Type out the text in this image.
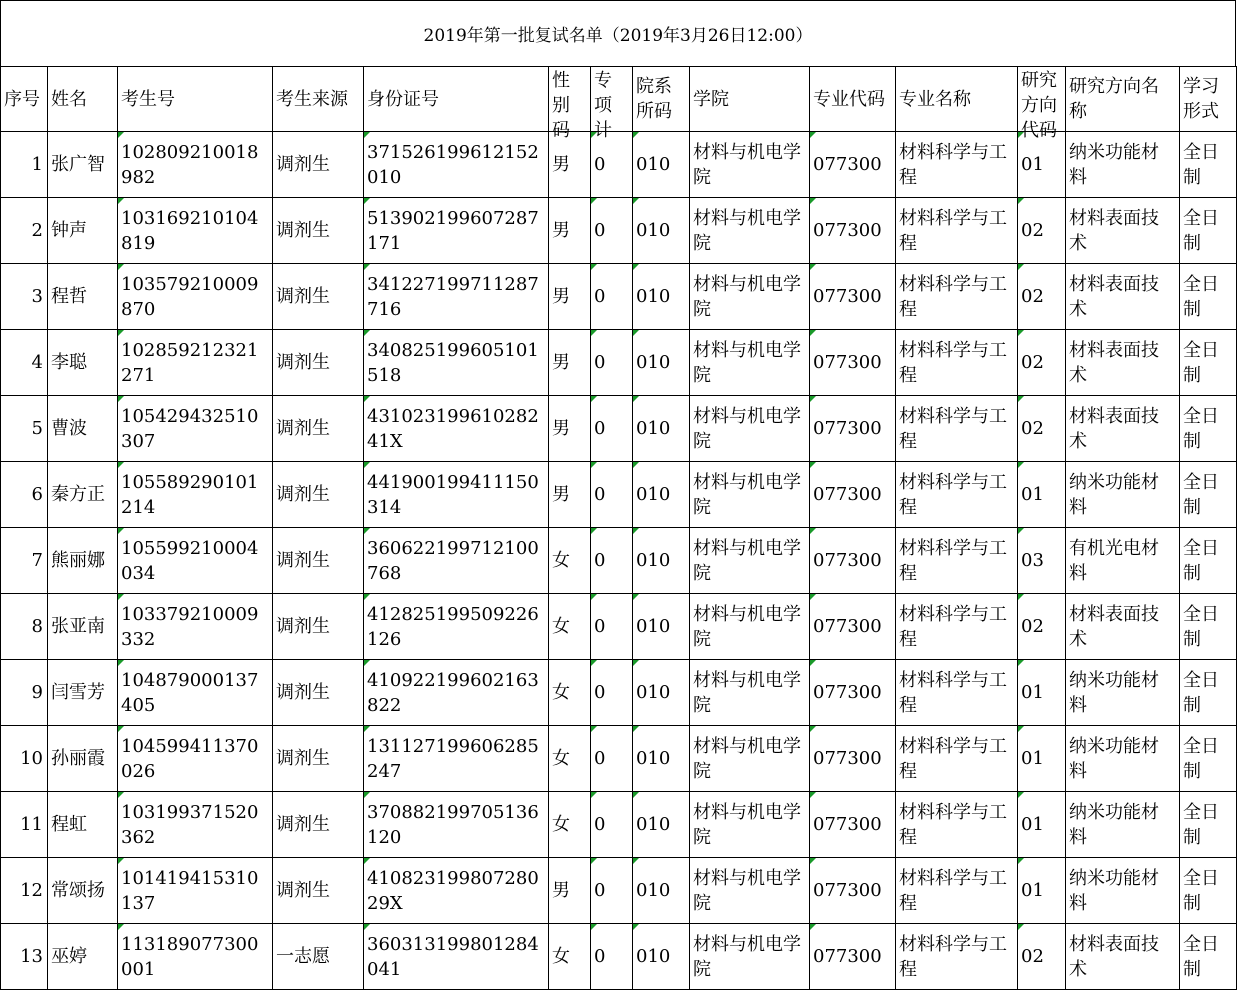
2019年第一批复试名单（2019年3月26日12:00）
序号	姓名	考生号	考生来源	身份证号	性别码	专项计	院系所码	学院	专业代码	专业名称	研究方向代码	研究方向名称	学习形式

1	张广智	102809210018982	调剂生	371526199612152010	男	0	010	材料与机电学院	077300	材料科学与工程	01	纳米功能材料	全日制
2	钟声	103169210104819	调剂生	513902199607287171	男	0	010	材料与机电学院	077300	材料科学与工程	02	材料表面技术	全日制
3	程哲	103579210009870	调剂生	341227199711287716	男	0	010	材料与机电学院	077300	材料科学与工程	02	材料表面技术	全日制
4	李聪	102859212321271	调剂生	340825199605101518	男	0	010	材料与机电学院	077300	材料科学与工程	02	材料表面技术	全日制
5	曹波	105429432510307	调剂生	43102319961028241X	男	0	010	材料与机电学院	077300	材料科学与工程	02	材料表面技术	全日制
6	秦方正	105589290101214	调剂生	441900199411150314	男	0	010	材料与机电学院	077300	材料科学与工程	01	纳米功能材料	全日制
7	熊丽娜	105599210004034	调剂生	360622199712100768	女	0	010	材料与机电学院	077300	材料科学与工程	03	有机光电材料	全日制
8	张亚南	103379210009332	调剂生	412825199509226126	女	0	010	材料与机电学院	077300	材料科学与工程	02	材料表面技术	全日制
9	闫雪芳	104879000137405	调剂生	410922199602163822	女	0	010	材料与机电学院	077300	材料科学与工程	01	纳米功能材料	全日制
10	孙丽霞	104599411370026	调剂生	131127199606285247	女	0	010	材料与机电学院	077300	材料科学与工程	01	纳米功能材料	全日制
11	程虹	103199371520362	调剂生	370882199705136120	女	0	010	材料与机电学院	077300	材料科学与工程	01	纳米功能材料	全日制
12	常颂扬	101419415310137	调剂生	41082319980728029X	男	0	010	材料与机电学院	077300	材料科学与工程	01	纳米功能材料	全日制
13	巫婷	113189077300001	一志愿	360313199801284041	女	0	010	材料与机电学院	077300	材料科学与工程	02	材料表面技术	全日制
